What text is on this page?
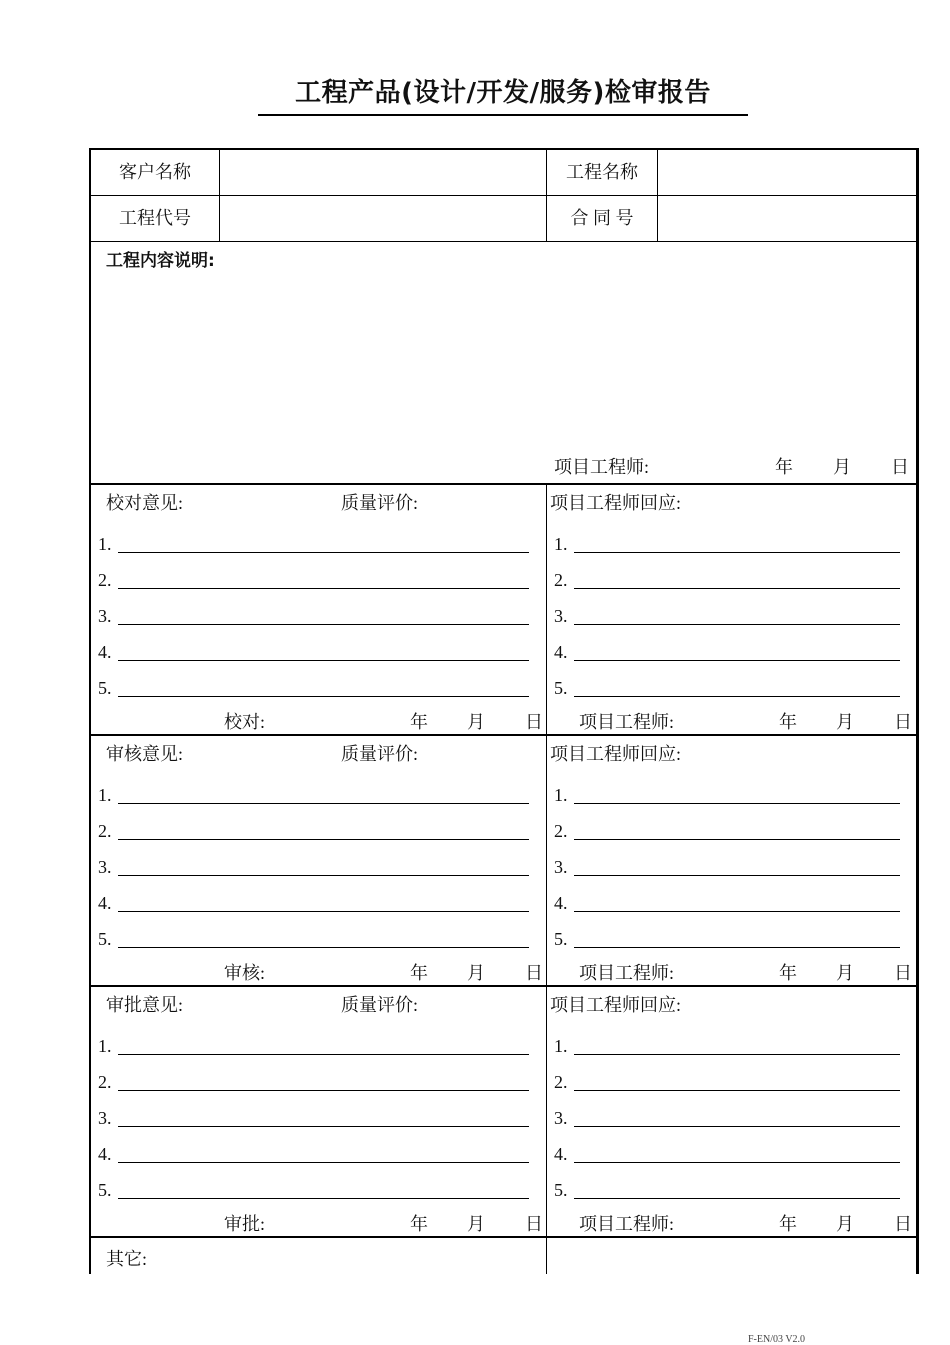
工程产品(设计/开发/服务)检审报告
客户名称	工程名称
工程代号	合 同 号
工程内容说明:
项目工程师:	年 月 日
校对意见:	质量评价:	项目工程师回应:
1.	1.
2.	2.
3.	3.
4.	4.
5.	5.
校对:	年 月 日 项目工程师:	年 月 日
审核意见:	质量评价:	项目工程师回应:
1.	1.
2.	2.
3.	3.
4.	4.
5.	5.
审核:	年 月 日 项目工程师:	年 月 日
审批意见:	质量评价:	项目工程师回应:
1.	1.
2.	2.
3.	3.
4.	4.
5.	5.
审批:	年 月 日 项目工程师:	年 月 日
其它:
F-EN/03 V2.0
